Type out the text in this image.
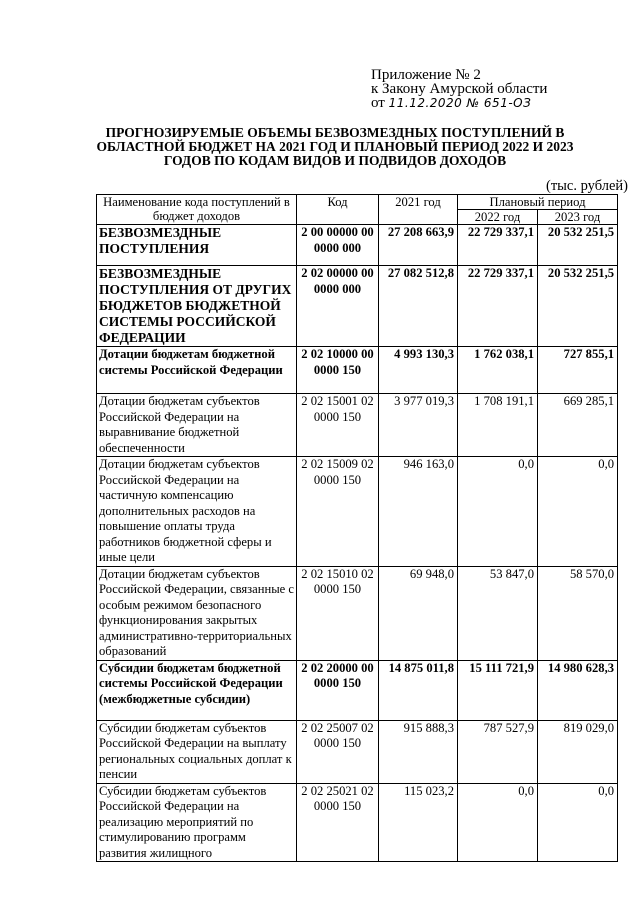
Приложение № 2
к Закону Амурской области
от 11.12.2020 № 651-ОЗ
ПРОГНОЗИРУЕМЫЕ ОБЪЕМЫ БЕЗВОЗМЕЗДНЫХ ПОСТУПЛЕНИЙ В
ОБЛАСТНОЙ БЮДЖЕТ НА 2021 ГОД И ПЛАНОВЫЙ ПЕРИОД 2022 И 2023
ГОДОВ ПО КОДАМ ВИДОВ И ПОДВИДОВ ДОХОДОВ
(тыс. рублей)
Наименование кода поступлений в бюджет доходов	Код	2021 год	Плановый период	
			2022 год	2023 год
БЕЗВОЗМЕЗДНЫЕ ПОСТУПЛЕНИЯ	2 00 00000 00 0000 000	27 208 663,9	22 729 337,1	20 532 251,5
БЕЗВОЗМЕЗДНЫЕ ПОСТУПЛЕНИЯ ОТ ДРУГИХ БЮДЖЕТОВ БЮДЖЕТНОЙ СИСТЕМЫ РОССИЙСКОЙ ФЕДЕРАЦИИ	2 02 00000 00 0000 000	27 082 512,8	22 729 337,1	20 532 251,5
Дотации бюджетам бюджетной системы Российской Федерации	2 02 10000 00 0000 150	4 993 130,3	1 762 038,1	727 855,1
Дотации бюджетам субъектов Российской Федерации на выравнивание бюджетной обеспеченности	2 02 15001 02 0000 150	3 977 019,3	1 708 191,1	669 285,1
Дотации бюджетам субъектов Российской Федерации на частичную компенсацию дополнительных расходов на повышение оплаты труда работников бюджетной сферы и иные цели	2 02 15009 02 0000 150	946 163,0	0,0	0,0
Дотации бюджетам субъектов Российской Федерации, связанные с особым режимом безопасного функционирования закрытых административно-территориальных образований	2 02 15010 02 0000 150	69 948,0	53 847,0	58 570,0
Субсидии бюджетам бюджетной системы Российской Федерации (межбюджетные субсидии)	2 02 20000 00 0000 150	14 875 011,8	15 111 721,9	14 980 628,3
Субсидии бюджетам субъектов Российской Федерации на выплату региональных социальных доплат к пенсии	2 02 25007 02 0000 150	915 888,3	787 527,9	819 029,0
Субсидии бюджетам субъектов Российской Федерации на реализацию мероприятий по стимулированию программ развития жилищного	2 02 25021 02 0000 150	115 023,2	0,0	0,0
